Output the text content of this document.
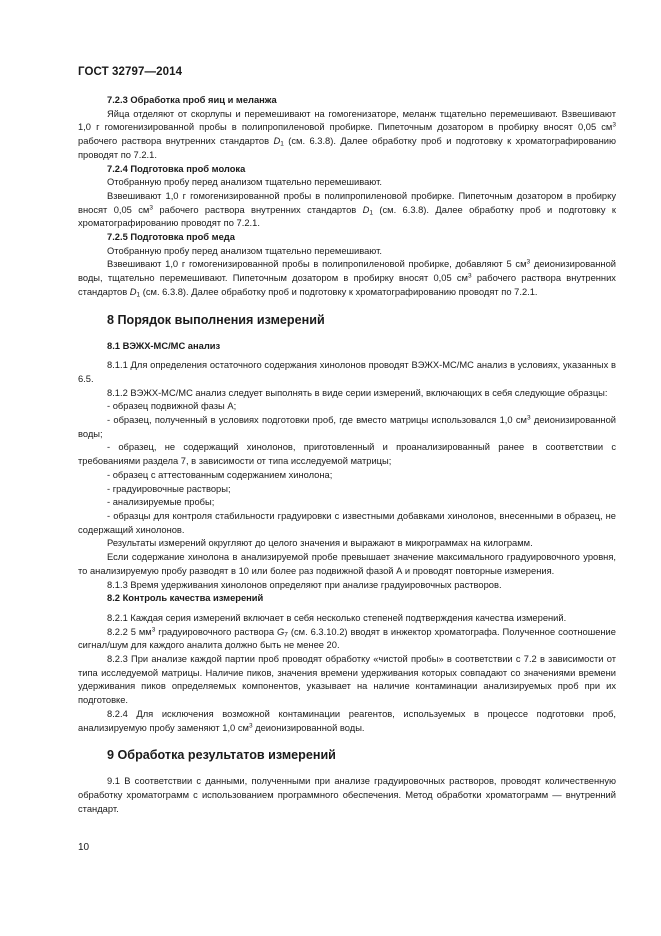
ГОСТ 32797—2014
7.2.3 Обработка проб яиц и меланжа

Яйца отделяют от скорлупы и перемешивают на гомогенизаторе, меланж тщательно перемешивают. Взвешивают 1,0 г гомогенизированной пробы в полипропиленовой пробирке. Пипеточным дозатором в пробирку вносят 0,05 $см^3$ рабочего раствора внутренних стандартов $D_1$ (см. 6.3.8). Далее обработку проб и подготовку к хроматографированию проводят по 7.2.1.

7.2.4 Подготовка проб молока

Отобранную пробу перед анализом тщательно перемешивают.

Взвешивают 1,0 г гомогенизированной пробы в полипропиленовой пробирке. Пипеточным дозатором в пробирку вносят 0,05 $см^3$ рабочего раствора внутренних стандартов $D_1$ (см. 6.3.8). Далее обработку проб и подготовку к хроматографированию проводят по 7.2.1.

7.2.5 Подготовка проб меда

Отобранную пробу перед анализом тщательно перемешивают.

Взвешивают 1,0 г гомогенизированной пробы в полипропиленовой пробирке, добавляют 5 $см^3$ деионизированной воды, тщательно перемешивают. Пипеточным дозатором в пробирку вносят 0,05 $см^3$ рабочего раствора внутренних стандартов $D_1$ (см. 6.3.8). Далее обработку проб и подготовку к хроматографированию проводят по 7.2.1.

8 Порядок выполнения измерений
8.1 ВЭЖХ-МС/МС анализ

8.1.1 Для определения остаточного содержания хинолонов проводят ВЭЖХ-МС/МС анализ в условиях, указанных в 6.5.

8.1.2 ВЭЖХ-МС/МС анализ следует выполнять в виде серии измерений, включающих в себя следующие образцы:

- образец подвижной фазы А;

- образец, полученный в условиях подготовки проб, где вместо матрицы использовался 1,0 $см^3$ деионизированной воды;

- образец, не содержащий хинолонов, приготовленный и проанализированный ранее в соответствии с требованиями раздела 7, в зависимости от типа исследуемой матрицы;

- образец с аттестованным содержанием хинолона;

- градуировочные растворы;

- анализируемые пробы;

- образцы для контроля стабильности градуировки с известными добавками хинолонов, внесенными в образец, не содержащий хинолонов.

Результаты измерений округляют до целого значения и выражают в микрограммах на килограмм.

Если содержание хинолона в анализируемой пробе превышает значение максимального градуировочного уровня, то анализируемую пробу разводят в 10 или более раз подвижной фазой А и проводят повторные измерения.

8.1.3 Время удерживания хинолонов определяют при анализе градуировочных растворов.

8.2 Контроль качества измерений

8.2.1 Каждая серия измерений включает в себя несколько степеней подтверждения качества измерений.

8.2.2 5 $мм^3$ градуировочного раствора $G_7$ (см. 6.3.10.2) вводят в инжектор хроматографа. Полученное соотношение сигнал/шум для каждого аналита должно быть не менее 20.

8.2.3 При анализе каждой партии проб проводят обработку «чистой пробы» в соответствии с 7.2 в зависимости от типа исследуемой матрицы. Наличие пиков, значения времени удерживания которых совпадают со значениями времени удерживания пиков определяемых компонентов, указывает на наличие контаминации анализируемых проб при их подготовке.

8.2.4 Для исключения возможной контаминации реагентов, используемых в процессе подготовки проб, анализируемую пробу заменяют 1,0 $см^3$ деионизированной воды.

9 Обработка результатов измерений

9.1 В соответствии с данными, полученными при анализе градуировочных растворов, проводят количественную обработку хроматограмм с использованием программного обеспечения. Метод обработки хроматограмм — внутренний стандарт.

10
